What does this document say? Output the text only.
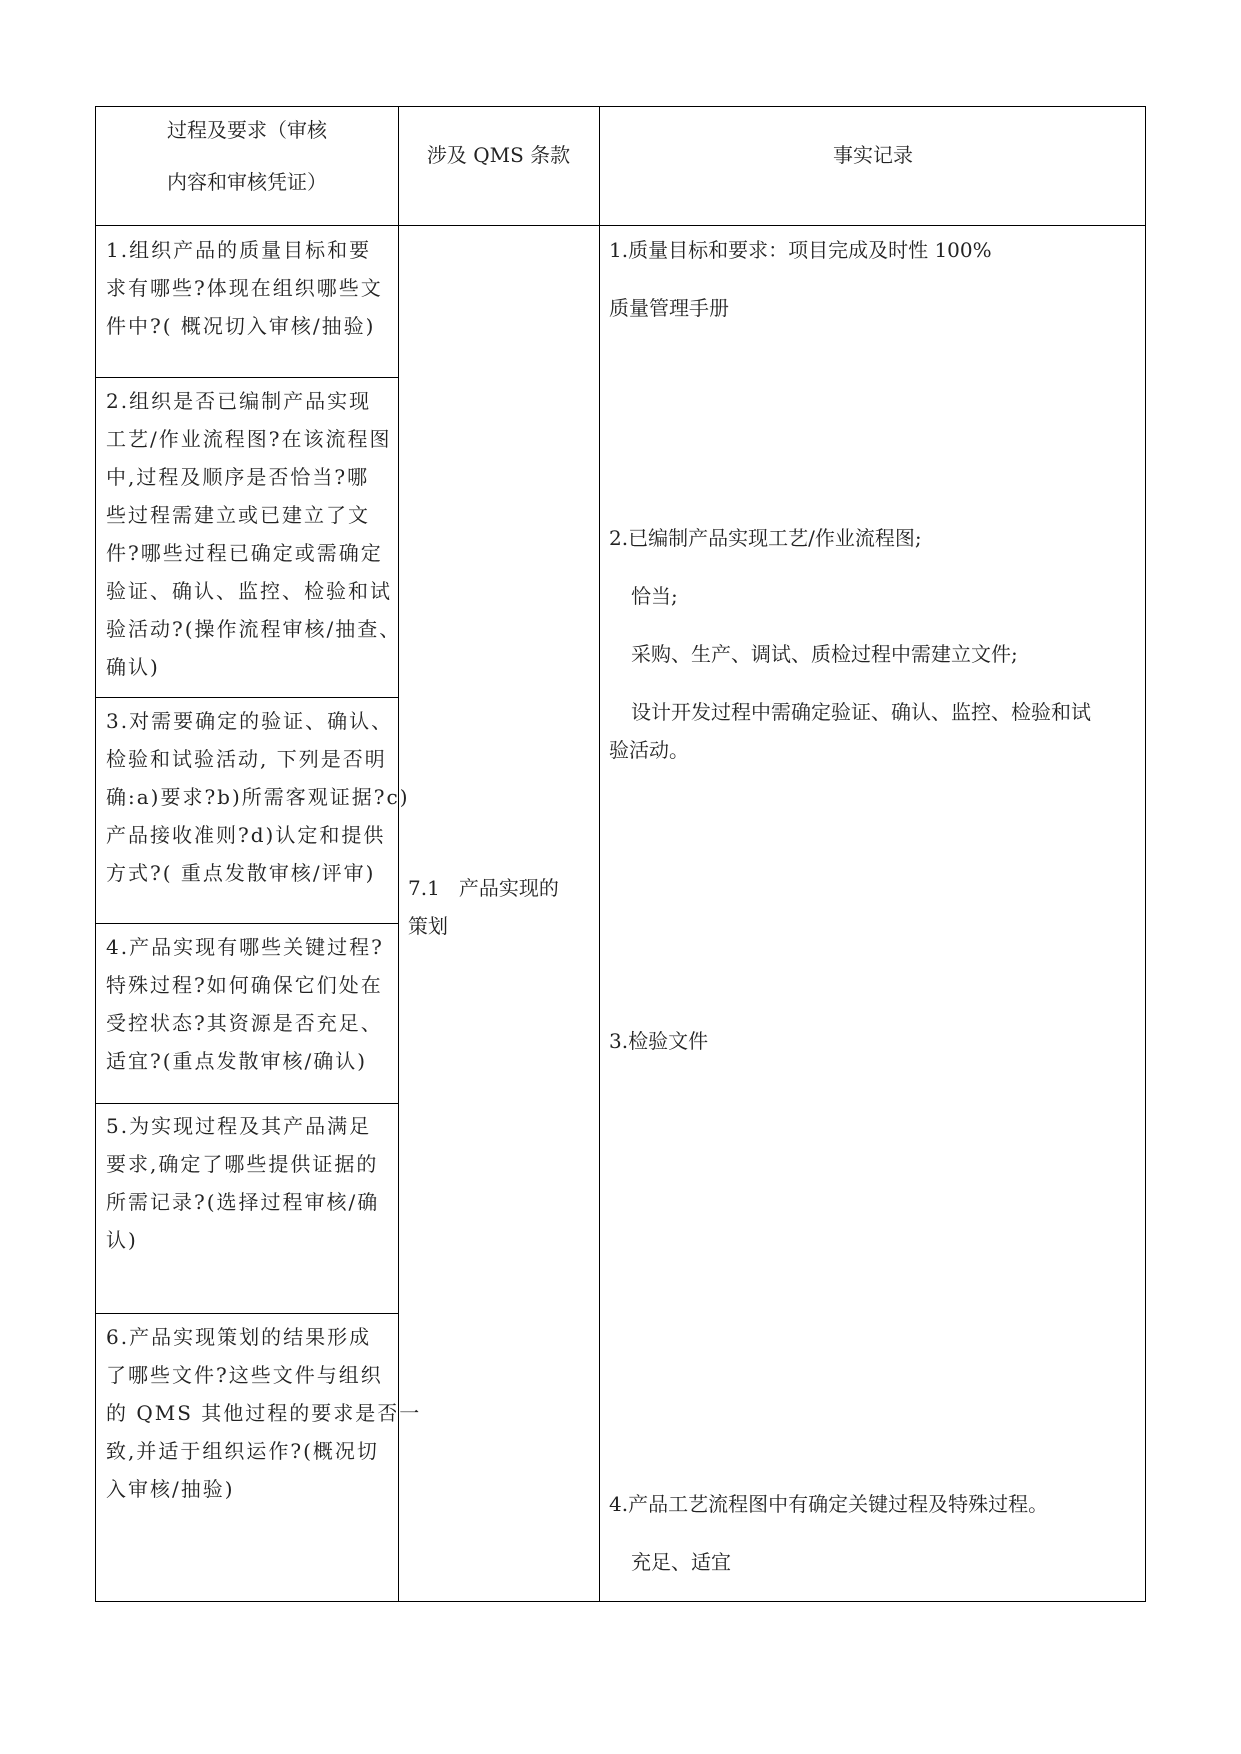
过程及要求（审核
内容和审核凭证）
涉及 QMS 条款	事实记录
1.组织产品的质量目标和要
求有哪些?体现在组织哪些文
件中?( 概况切入审核/抽验)
2.组织是否已编制产品实现
工艺/作业流程图?在该流程图
中,过程及顺序是否恰当?哪
些过程需建立或已建立了文
件?哪些过程已确定或需确定
验证、确认、监控、检验和试
验活动?(操作流程审核/抽查、
确认)
3.对需要确定的验证、确认、
检验和试验活动, 下列是否明
确:a)要求?b)所需客观证据?c)
产品接收准则?d)认定和提供
方式?( 重点发散审核/评审)
4.产品实现有哪些关键过程?
特殊过程?如何确保它们处在
受控状态?其资源是否充足、
适宜?(重点发散审核/确认)
5.为实现过程及其产品满足
要求,确定了哪些提供证据的
所需记录?(选择过程审核/确
认)
6.产品实现策划的结果形成
了哪些文件?这些文件与组织
的 QMS 其他过程的要求是否一
致,并适于组织运作?(概况切
入审核/抽验)
7.1   产品实现的
策划

1.质量目标和要求：项目完成及时性 100%

质量管理手册

2.已编制产品实现工艺/作业流程图;

恰当;

采购、生产、调试、质检过程中需建立文件;

设计开发过程中需确定验证、确认、监控、检验和试

验活动。

3.检验文件

4.产品工艺流程图中有确定关键过程及特殊过程。

充足、适宜
